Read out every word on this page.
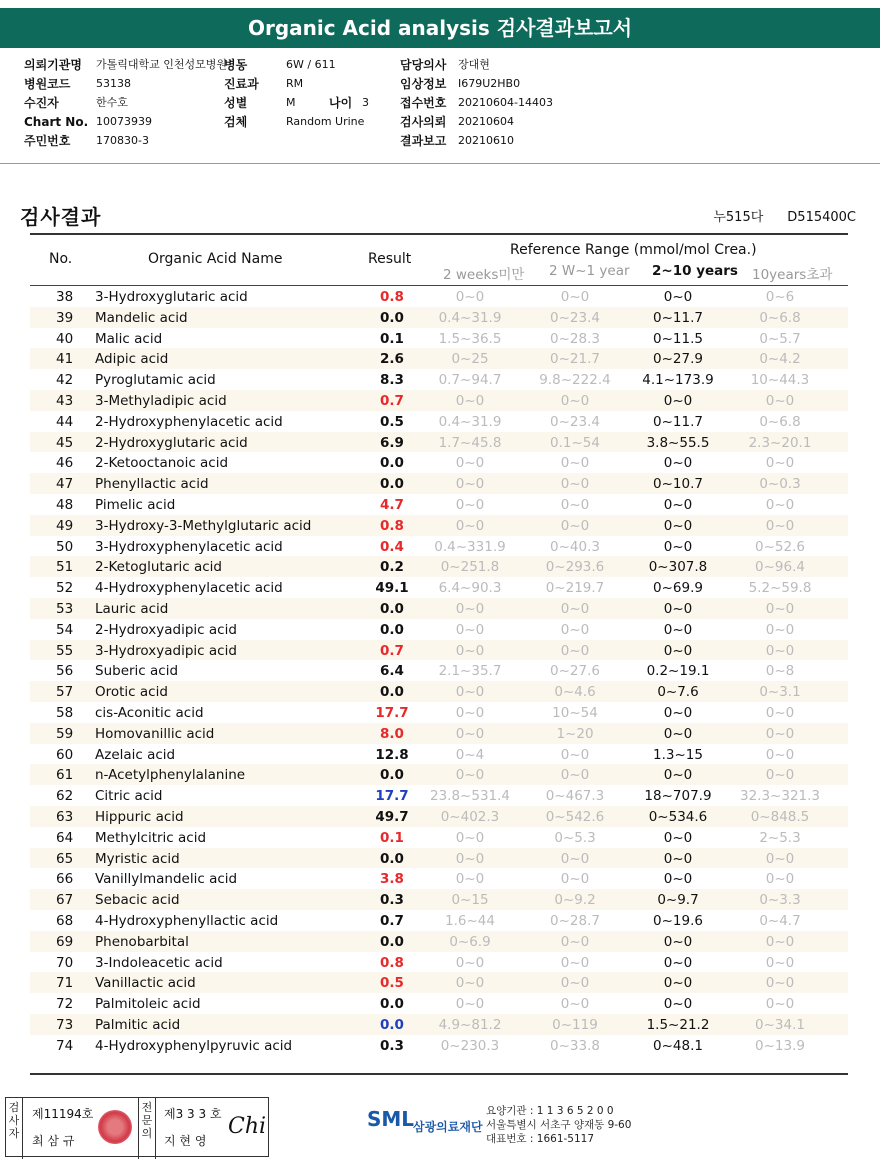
Organic Acid analysis 검사결과보고서
의뢰기관명 가톨릭대학교 인천성모병원
병원코드 53138
수진자	한수호
Chart No. 10073939
주민번호 170830-3
병동	6W / 611
진료과 RM
성별	M	나이 3
검체	Random Urine
담당의사 장대현
임상정보 I679U2HB0
접수번호 20210604-14403
검사의뢰 20210604
결과보고 20210610
검사결과	누515다 D515400C
No.	Organic Acid Name	Result
Reference Range (mmol/mol Crea.)
2 weeks미만 2 W~1 year 2~10 years 10years초과
38 3-Hydroxyglutaric acid	0.8	0~0	0~0	0~0	0~6
39 Mandelic acid	0.0	0.4~31.9	0~23.4	0~11.7	0~6.8
40 Malic acid	0.1	1.5~36.5	0~28.3	0~11.5	0~5.7
41 Adipic acid	2.6	0~25	0~21.7	0~27.9	0~4.2
42 Pyroglutamic acid	8.3	0.7~94.7	9.8~222.4	4.1~173.9	10~44.3
43 3-Methyladipic acid	0.7	0~0	0~0	0~0	0~0
44 2-Hydroxyphenylacetic acid	0.5	0.4~31.9	0~23.4	0~11.7	0~6.8
45 2-Hydroxyglutaric acid	6.9	1.7~45.8	0.1~54	3.8~55.5	2.3~20.1
46 2-Ketooctanoic acid	0.0	0~0	0~0	0~0	0~0
47 Phenyllactic acid	0.0	0~0	0~0	0~10.7	0~0.3
48 Pimelic acid	4.7	0~0	0~0	0~0	0~0
49 3-Hydroxy-3-Methylglutaric acid	0.8	0~0	0~0	0~0	0~0
50 3-Hydroxyphenylacetic acid	0.4	0.4~331.9	0~40.3	0~0	0~52.6
51 2-Ketoglutaric acid	0.2	0~251.8	0~293.6	0~307.8	0~96.4
52 4-Hydroxyphenylacetic acid	49.1	6.4~90.3	0~219.7	0~69.9	5.2~59.8
53 Lauric acid	0.0	0~0	0~0	0~0	0~0
54 2-Hydroxyadipic acid	0.0	0~0	0~0	0~0	0~0
55 3-Hydroxyadipic acid	0.7	0~0	0~0	0~0	0~0
56 Suberic acid	6.4	2.1~35.7	0~27.6	0.2~19.1	0~8
57 Orotic acid	0.0	0~0	0~4.6	0~7.6	0~3.1
58 cis-Aconitic acid	17.7	0~0	10~54	0~0	0~0
59 Homovanillic acid	8.0	0~0	1~20	0~0	0~0
60 Azelaic acid	12.8	0~4	0~0	1.3~15	0~0
61 n-Acetylphenylalanine	0.0	0~0	0~0	0~0	0~0
62 Citric acid	17.7	23.8~531.4	0~467.3	18~707.9	32.3~321.3
63 Hippuric acid	49.7	0~402.3	0~542.6	0~534.6	0~848.5
64 Methylcitric acid	0.1	0~0	0~5.3	0~0	2~5.3
65 Myristic acid	0.0	0~0	0~0	0~0	0~0
66 Vanillylmandelic acid	3.8	0~0	0~0	0~0	0~0
67 Sebacic acid	0.3	0~15	0~9.2	0~9.7	0~3.3
68 4-Hydroxyphenyllactic acid	0.7	1.6~44	0~28.7	0~19.6	0~4.7
69 Phenobarbital	0.0	0~6.9	0~0	0~0	0~0
70 3-Indoleacetic acid	0.8	0~0	0~0	0~0	0~0
71 Vanillactic acid	0.5	0~0	0~0	0~0	0~0
72 Palmitoleic acid	0.0	0~0	0~0	0~0	0~0
73 Palmitic acid	0.0	4.9~81.2	0~119	1.5~21.2	0~34.1
74 4-Hydroxyphenylpyruvic acid	0.3	0~230.3	0~33.8	0~48.1	0~13.9
검사자
제11194호
최 삼 규
전문의
제3 3 3 호
지 현 영
Chi	SML
삼광의료재단
요양기관 : 1 1 3 6 5 2 0 0
서울특별시 서초구 양재동 9-60
대표번호 : 1661-5117
